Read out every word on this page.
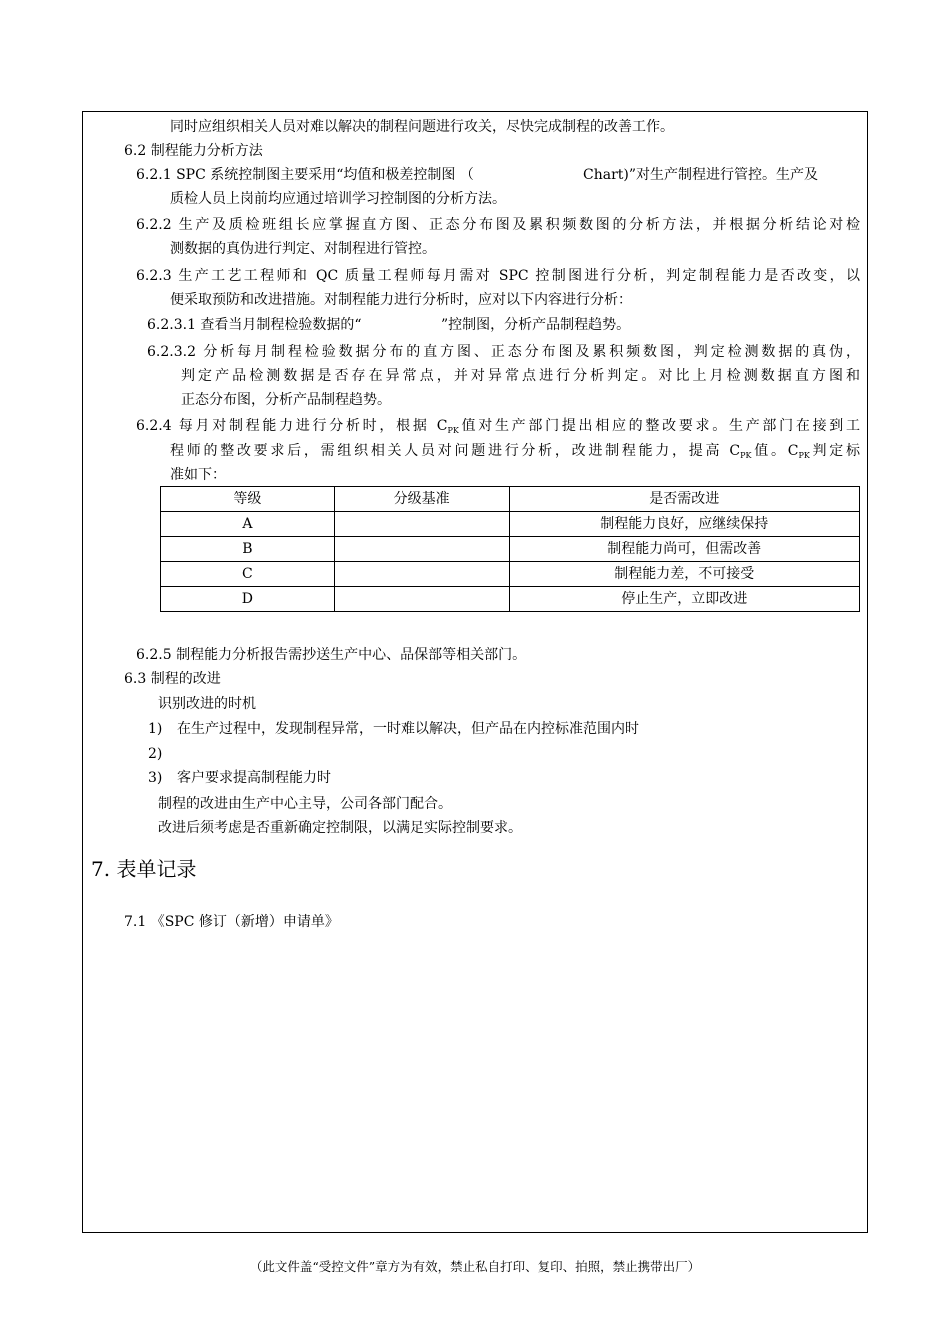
同时应组织相关人员对难以解决的制程问题进行攻关，尽快完成制程的改善工作。
6.2 制程能力分析方法
6.2.1 SPC 系统控制图主要采用“均值和极差控制图 （	Chart)”对生产制程进行管控。生产及
质检人员上岗前均应通过培训学习控制图的分析方法。
6.2.2 生产及质检班组长应掌握直方图、正态分布图及累积频数图的分析方法，并根据分析结论对检
测数据的真伪进行判定、对制程进行管控。
6.2.3 生产工艺工程师和 QC 质量工程师每月需对 SPC 控制图进行分析，判定制程能力是否改变，以
便采取预防和改进措施。对制程能力进行分析时，应对以下内容进行分析：
6.2.3.1 查看当月制程检验数据的“	”控制图，分析产品制程趋势。
6.2.3.2 分析每月制程检验数据分布的直方图、正态分布图及累积频数图，判定检测数据的真伪，
判定产品检测数据是否存在异常点，并对异常点进行分析判定。对比上月检测数据直方图和
正态分布图，分析产品制程趋势。
6.2.4 每月对制程能力进行分析时，根据 $C_{PK}$值对生产部门提出相应的整改要求。生产部门在接到工
程师的整改要求后，需组织相关人员对问题进行分析，改进制程能力，提高 $C_{PK}$值。$C_{PK}$判定标
准如下：
等级	分级基准	是否需改进
A		制程能力良好，应继续保持
B		制程能力尚可，但需改善
C		制程能力差，不可接受
D		停止生产，立即改进
6.2.5 制程能力分析报告需抄送生产中心、品保部等相关部门。
6.3 制程的改进
识别改进的时机
1) 在生产过程中，发现制程异常，一时难以解决，但产品在内控标准范围内时
2)
3) 客户要求提高制程能力时
制程的改进由生产中心主导，公司各部门配合。
改进后须考虑是否重新确定控制限，以满足实际控制要求。
7. 表单记录
7.1 《SPC 修订（新增）申请单》
（此文件盖“受控文件”章方为有效，禁止私自打印、复印、拍照，禁止携带出厂）
